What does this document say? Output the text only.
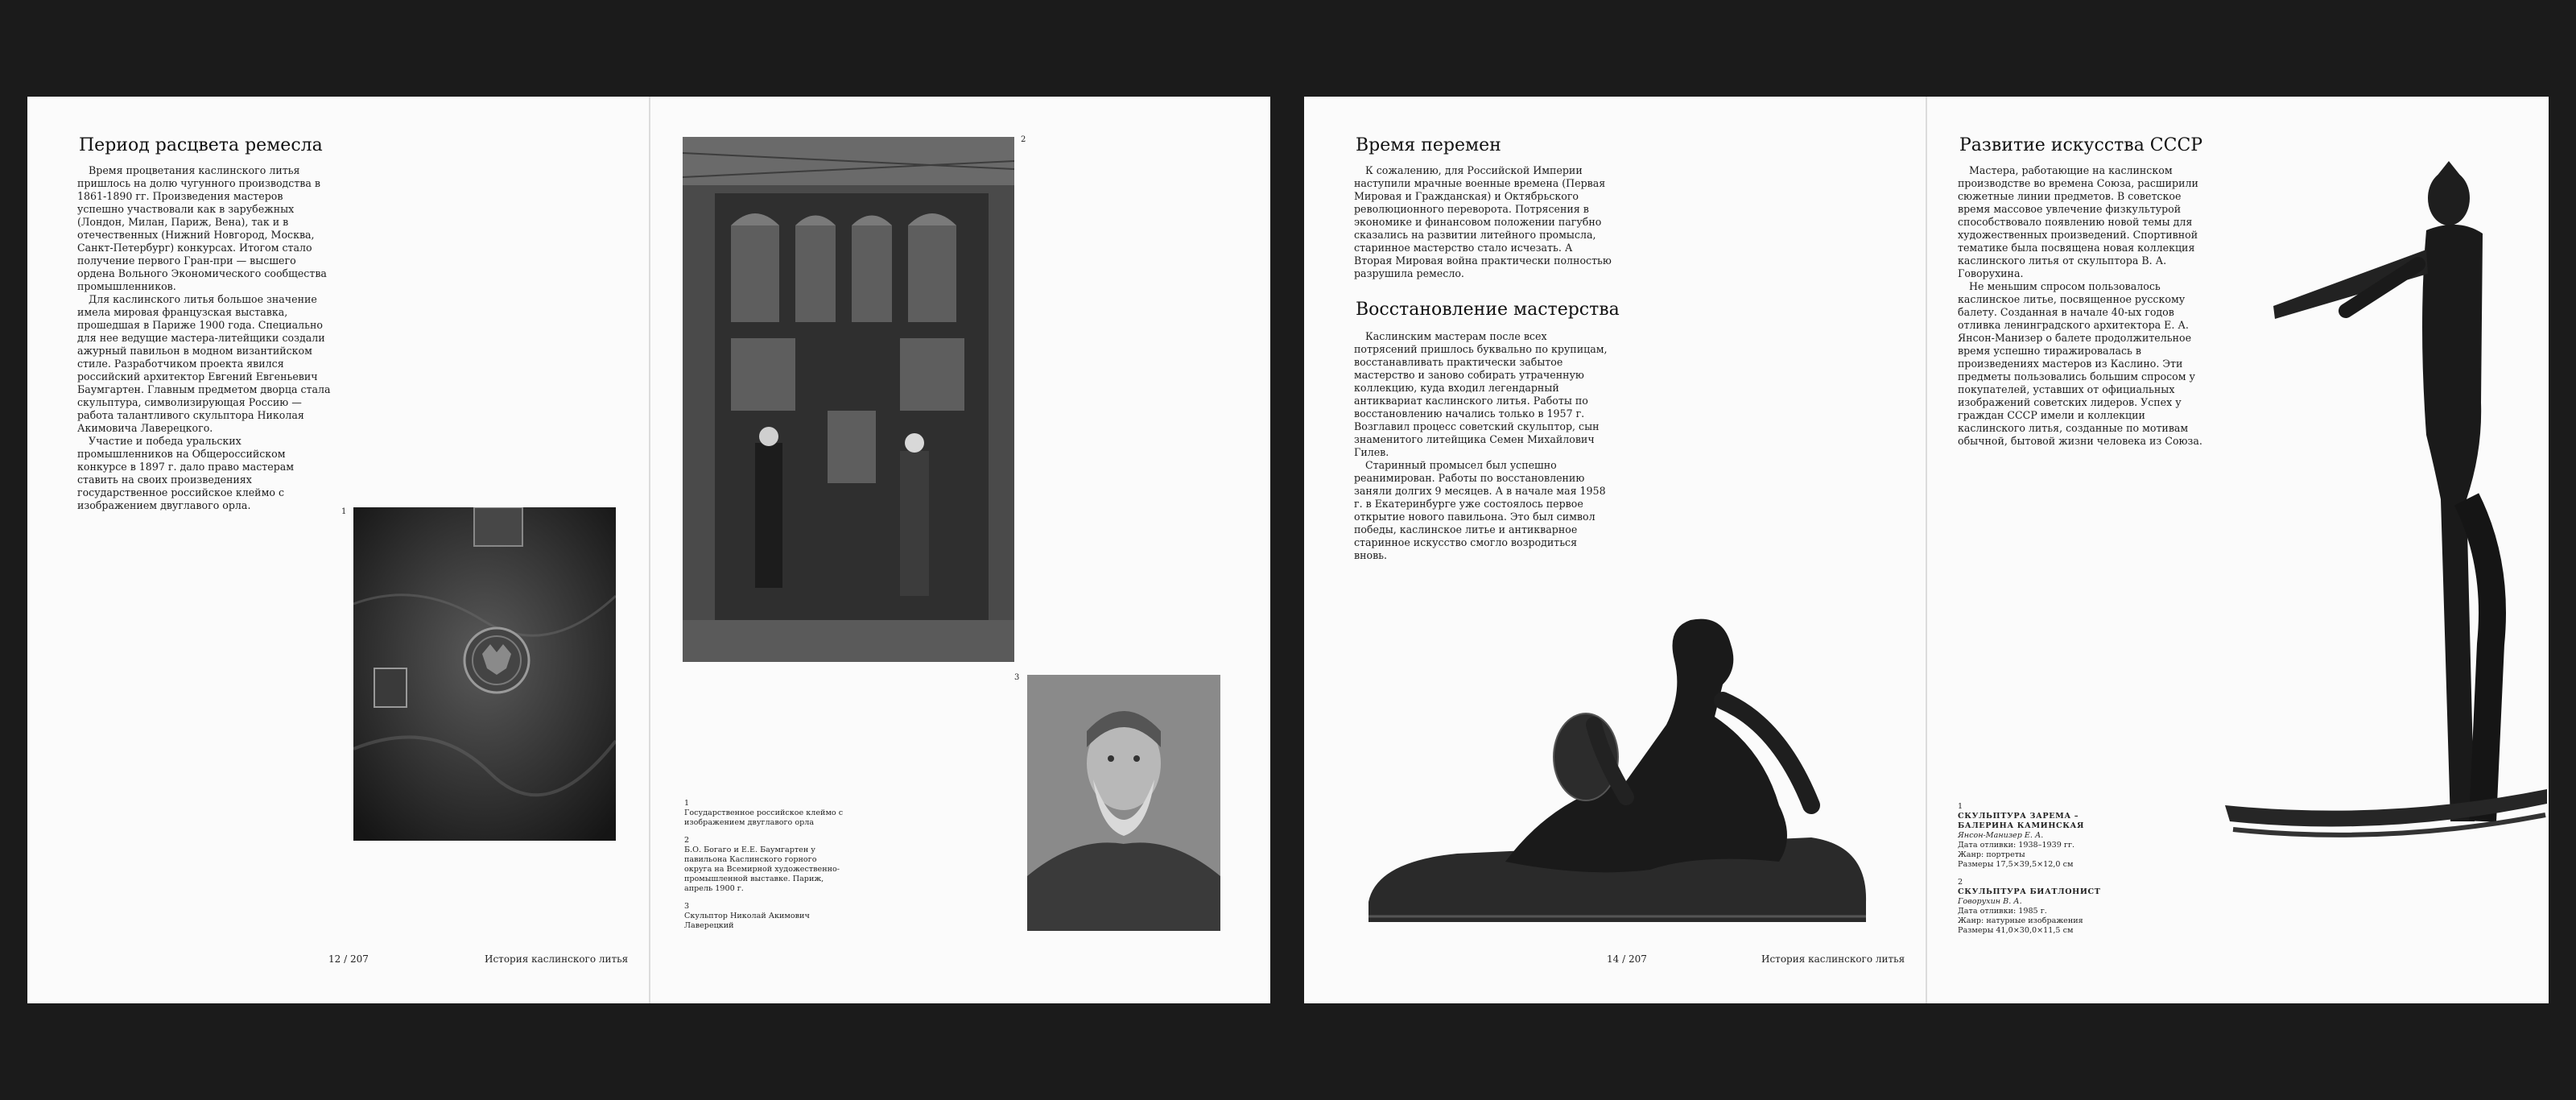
Период расцвета ремесла

Время процветания каслинского литья пришлось на долю чугунного производства в 1861-1890 гг. Произведения мастеров успешно участвовали как в зарубежных (Лондон, Милан, Париж, Вена), так и в отечественных (Нижний Новгород, Москва, Санкт-Петербург) конкурсах. Итогом стало получение первого Гран-при — высшего ордена Вольного Экономического сообщества промышленников.

Для каслинского литья большое значение имела мировая французская выставка, прошедшая в Париже 1900 года. Специально для нее ведущие мастера-литейщики создали ажурный павильон в модном византийском стиле. Разработчиком проекта явился российский архитектор Евгений Евгеньевич Баумгартен. Главным предметом дворца стала скульптура, символизирующая Россию — работа талантливого скульптора Николая Акимовича Лаверецкого.

Участие и победа уральских промышленников на Общероссийском конкурсе в 1897 г. дало право мастерам ставить на своих произведениях государственное российское клеймо с изображением двуглавого орла.

1
12 / 207	История каслинского литья
2
3
1
Государственное российское клеймо с изображением двуглавого орла
2
Б.О. Богаго и Е.Е. Баумгартен у павильона Каслинского горного округа на Всемирной художественно-промышленной выставке. Париж, апрель 1900 г.
3
Скульптор Николай Акимович Лаверецкий
Время перемен

К сожалению, для Российской Империи наступили мрачные военные времена (Первая Мировая и Гражданская) и Октябрьского революционного переворота. Потрясения в экономике и финансовом положении пагубно сказались на развитии литейного промысла, старинное мастерство стало исчезать. А Вторая Мировая война практически полностью разрушила ремесло.

Восстановление мастерства

Каслинским мастерам после всех потрясений пришлось буквально по крупицам, восстанавливать практически забытое мастерство и заново собирать утраченную коллекцию, куда входил легендарный антиквариат каслинского литья. Работы по восстановлению начались только в 1957 г. Возглавил процесс советский скульптор, сын знаменитого литейщика Семен Михайлович Гилев.

Старинный промысел был успешно реанимирован. Работы по восстановлению заняли долгих 9 месяцев. А в начале мая 1958 г. в Екатеринбурге уже состоялось первое открытие нового павильона. Это был символ победы, каслинское литье и антикварное старинное искусство смогло возродиться вновь.

14 / 207	История каслинского литья
Развитие искусства СССР

Мастера, работающие на каслинском производстве во времена Союза, расширили сюжетные линии предметов. В советское время массовое увлечение физкультурой способствовало появлению новой темы для художественных произведений. Спортивной тематике была посвящена новая коллекция каслинского литья от скульптора В. А. Говорухина.

Не меньшим спросом пользовалось каслинское литье, посвященное русскому балету. Созданная в начале 40-ых годов отливка ленинградского архитектора Е. А. Янсон-Манизер о балете продолжительное время успешно тиражировалась в произведениях мастеров из Каслино. Эти предметы пользовались большим спросом у покупателей, уставших от официальных изображений советских лидеров. Успех у граждан СССР имели и коллекции каслинского литья, созданные по мотивам обычной, бытовой жизни человека из Союза.

1
СКУЛЬПТУРА ЗАРЕМА – БАЛЕРИНА КАМИНСКАЯ
Янсон-Манизер Е. А.
Дата отливки: 1938–1939 гг.
Жанр: портреты
Размеры 17,5×39,5×12,0 см
2
СКУЛЬПТУРА БИАТЛОНИСТ
Говорухин В. А.
Дата отливки: 1985 г.
Жанр: натурные изображения
Размеры 41,0×30,0×11,5 см
